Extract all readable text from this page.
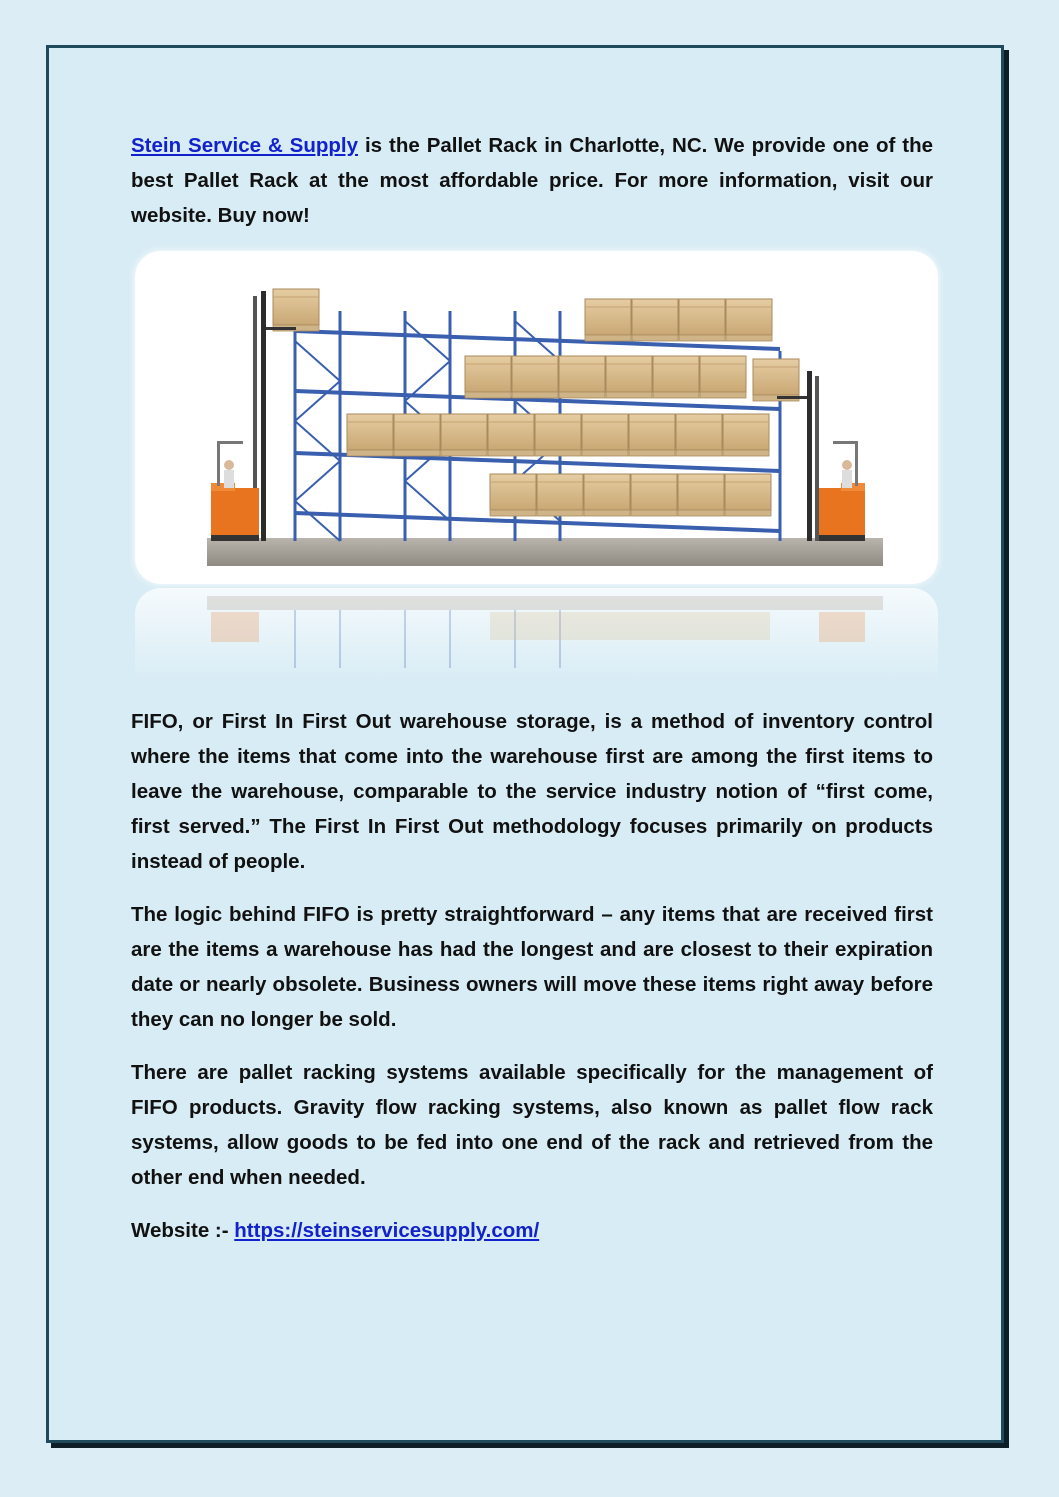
Stein Service & Supply is the Pallet Rack in Charlotte, NC. We provide one of the best Pallet Rack at the most affordable price. For more information, visit our website. Buy now!

FIFO, or First In First Out warehouse storage, is a method of inventory control where the items that come into the warehouse first are among the first items to leave the warehouse, comparable to the service industry notion of “first come, first served.” The First In First Out methodology focuses primarily on products instead of people.

The logic behind FIFO is pretty straightforward – any items that are received first are the items a warehouse has had the longest and are closest to their expiration date or nearly obsolete. Business owners will move these items right away before they can no longer be sold.

There are pallet racking systems available specifically for the management of FIFO products. Gravity flow racking systems, also known as pallet flow rack systems, allow goods to be fed into one end of the rack and retrieved from the other end when needed.

Website :- https://steinservicesupply.com/
